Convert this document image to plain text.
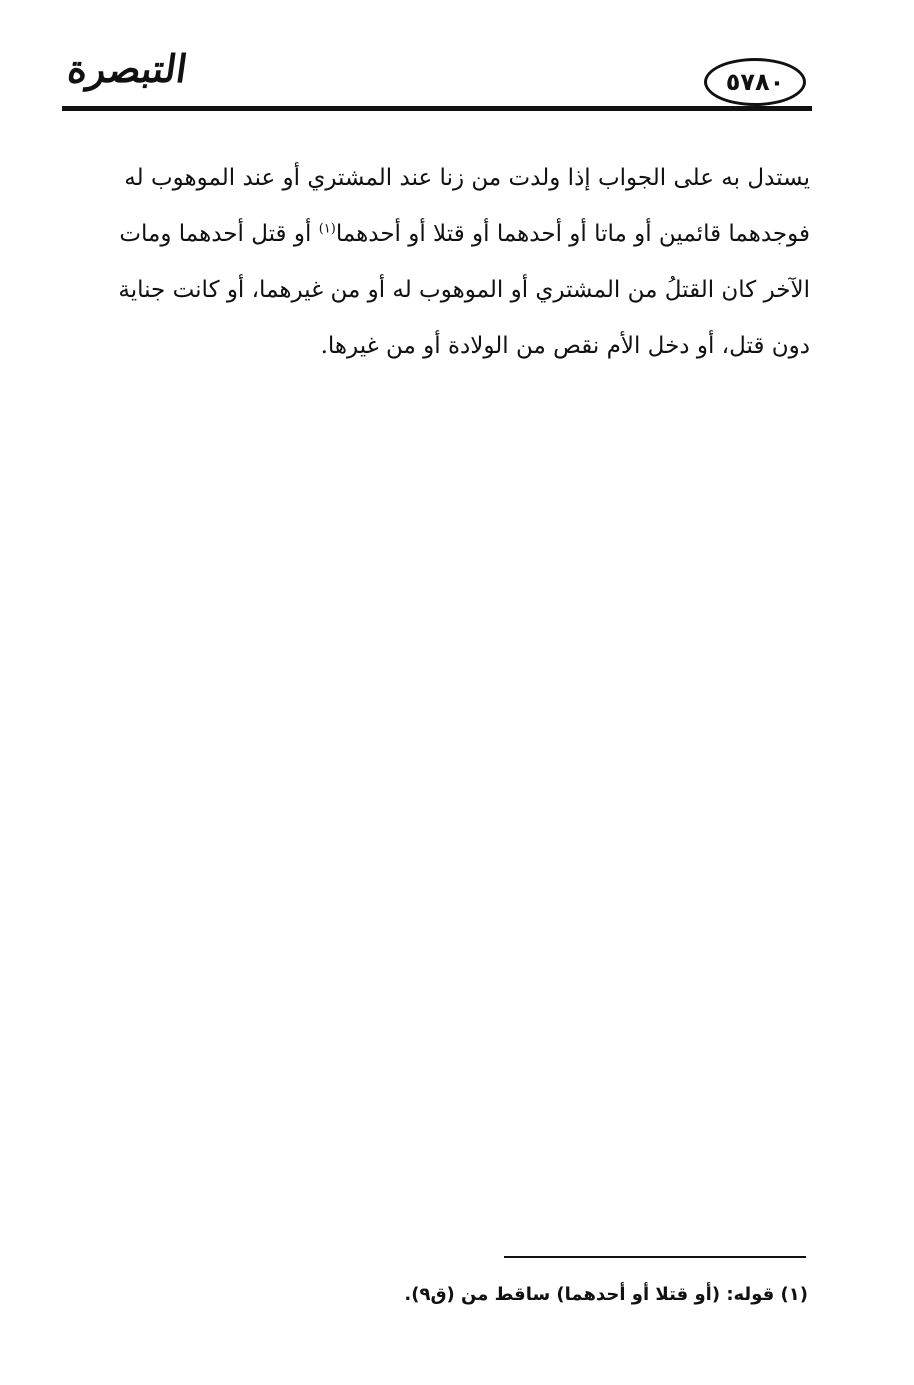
التبصرة	٥٧٨٠
يستدل به على الجواب إذا ولدت من زنا عند المشتري أو عند الموهوب له
فوجدهما قائمين أو ماتا أو أحدهما أو قتلا أو أحدهما$^{(١)}$ أو قتل أحدهما ومات
الآخر كان القتلُ من المشتري أو الموهوب له أو من غيرهما، أو كانت جناية
دون قتل، أو دخل الأم نقص من الولادة أو من غيرها.
(١) قوله: (أو قتلا أو أحدهما) ساقط من (ق٩).
